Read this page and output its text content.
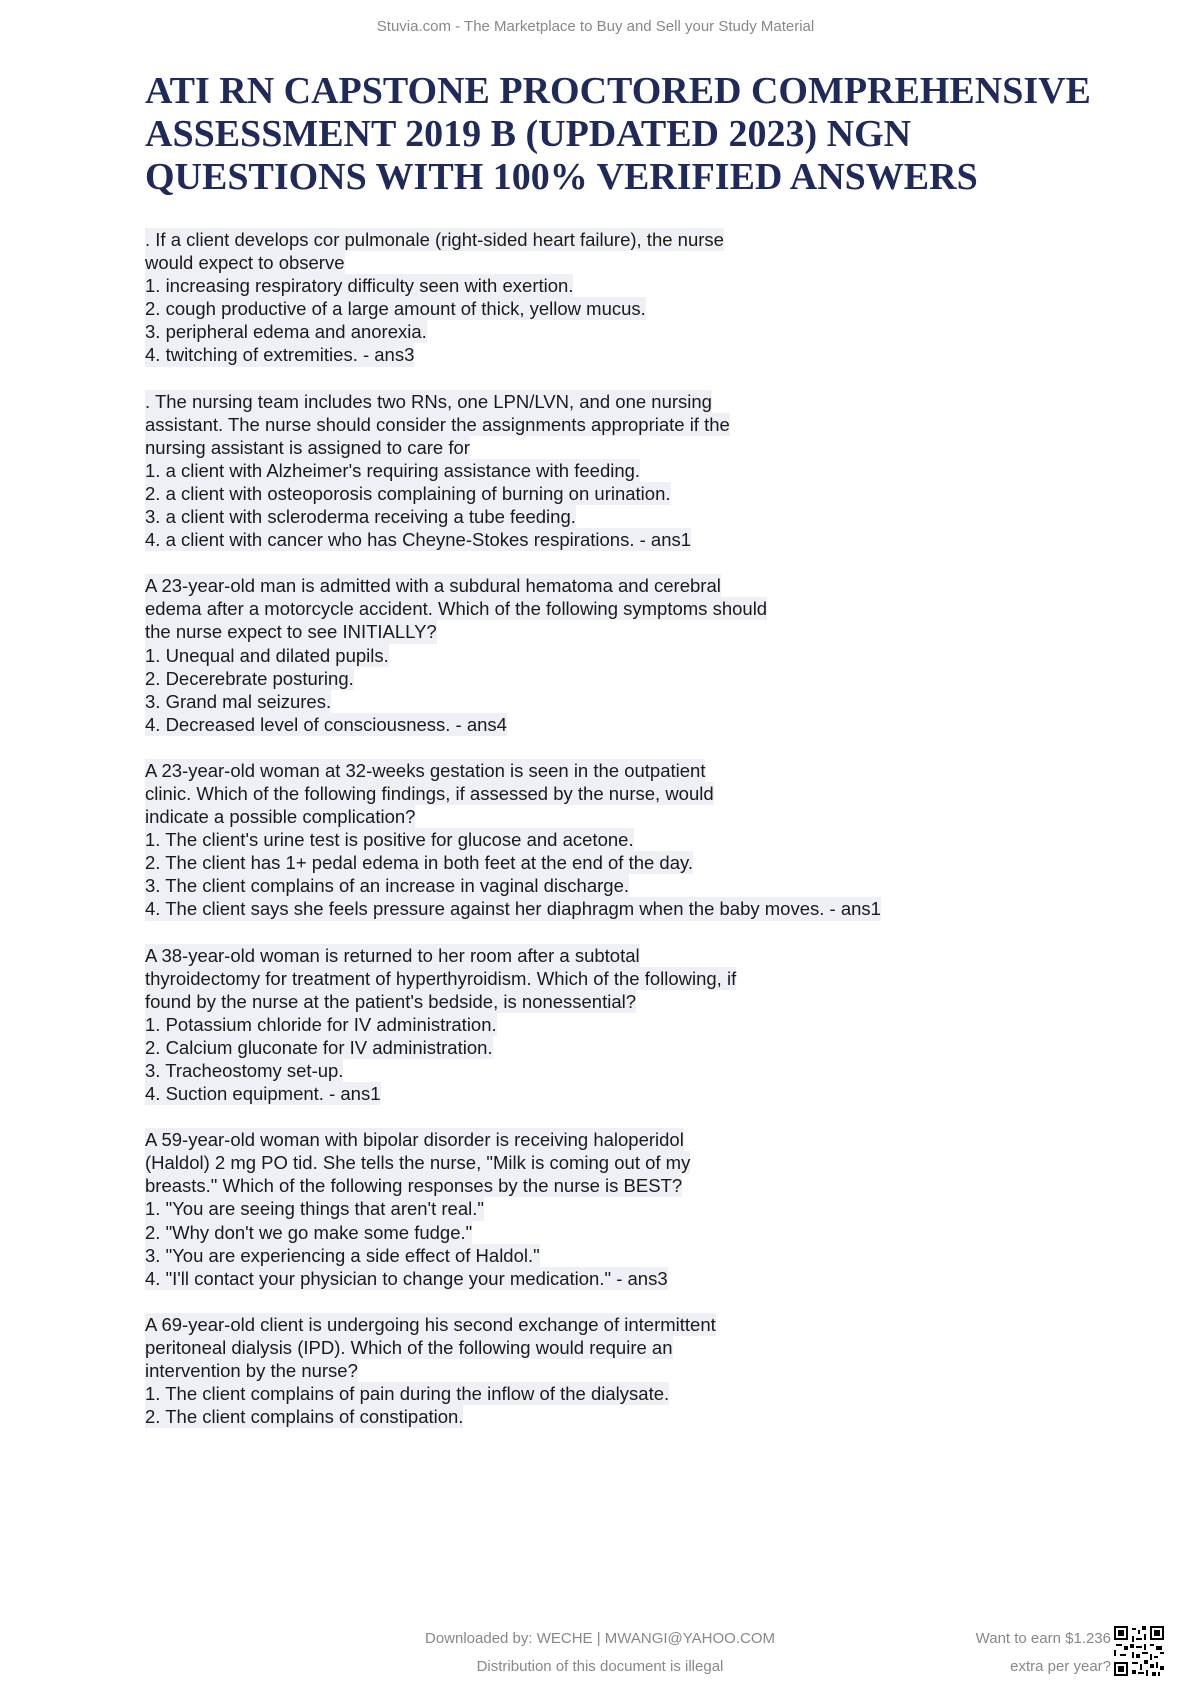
Stuvia.com - The Marketplace to Buy and Sell your Study Material
ATI RN CAPSTONE PROCTORED COMPREHENSIVE
ASSESSMENT 2019 B (UPDATED 2023) NGN
QUESTIONS WITH 100% VERIFIED ANSWERS
. If a client develops cor pulmonale (right-sided heart failure), the nurse
would expect to observe
1. increasing respiratory difficulty seen with exertion.
2. cough productive of a large amount of thick, yellow mucus.
3. peripheral edema and anorexia.
4. twitching of extremities. - ans3
. The nursing team includes two RNs, one LPN/LVN, and one nursing
assistant. The nurse should consider the assignments appropriate if the
nursing assistant is assigned to care for
1. a client with Alzheimer's requiring assistance with feeding.
2. a client with osteoporosis complaining of burning on urination.
3. a client with scleroderma receiving a tube feeding.
4. a client with cancer who has Cheyne-Stokes respirations. - ans1
A 23-year-old man is admitted with a subdural hematoma and cerebral
edema after a motorcycle accident. Which of the following symptoms should
the nurse expect to see INITIALLY?
1. Unequal and dilated pupils.
2. Decerebrate posturing.
3. Grand mal seizures.
4. Decreased level of consciousness. - ans4
A 23-year-old woman at 32-weeks gestation is seen in the outpatient
clinic. Which of the following findings, if assessed by the nurse, would
indicate a possible complication?
1. The client's urine test is positive for glucose and acetone.
2. The client has 1+ pedal edema in both feet at the end of the day.
3. The client complains of an increase in vaginal discharge.
4. The client says she feels pressure against her diaphragm when the baby moves. - ans1
A 38-year-old woman is returned to her room after a subtotal
thyroidectomy for treatment of hyperthyroidism. Which of the following, if
found by the nurse at the patient's bedside, is nonessential?
1. Potassium chloride for IV administration.
2. Calcium gluconate for IV administration.
3. Tracheostomy set-up.
4. Suction equipment. - ans1
A 59-year-old woman with bipolar disorder is receiving haloperidol
(Haldol) 2 mg PO tid. She tells the nurse, "Milk is coming out of my
breasts." Which of the following responses by the nurse is BEST?
1. "You are seeing things that aren't real."
2. "Why don't we go make some fudge."
3. "You are experiencing a side effect of Haldol."
4. "I'll contact your physician to change your medication." - ans3
A 69-year-old client is undergoing his second exchange of intermittent
peritoneal dialysis (IPD). Which of the following would require an
intervention by the nurse?
1. The client complains of pain during the inflow of the dialysate.
2. The client complains of constipation.
Downloaded by: WECHE | MWANGI@YAHOO.COM
Distribution of this document is illegal
Want to earn $1.236
extra per year?
